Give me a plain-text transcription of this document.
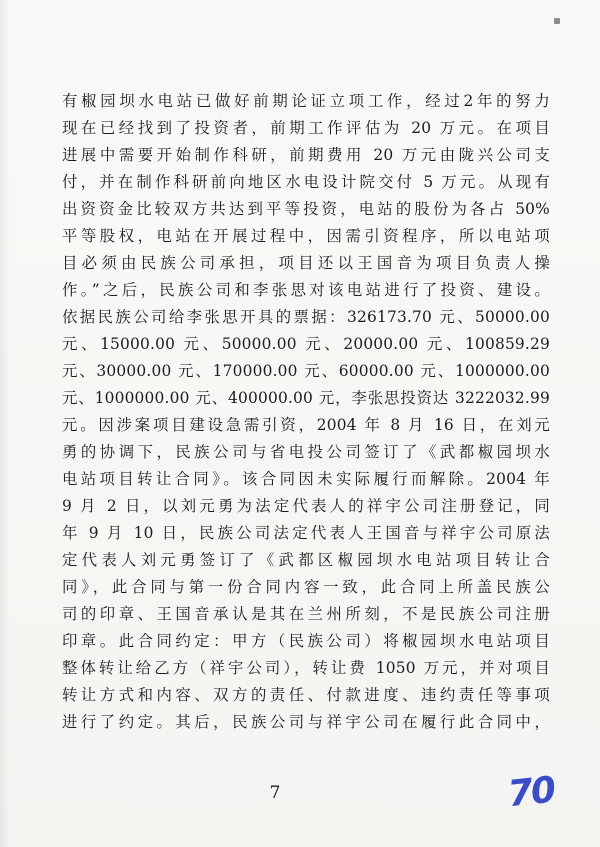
有椒园坝水电站已做好前期论证立项工作，经过2年的努力
现在已经找到了投资者，前期工作评估为 20 万元。在项目
进展中需要开始制作科研，前期费用 20 万元由陇兴公司支
付，并在制作科研前向地区水电设计院交付 5 万元。从现有
出资资金比较双方共达到平等投资，电站的股份为各占 50%
平等股权，电站在开展过程中，因需引资程序，所以电站项
目必须由民族公司承担，项目还以王国音为项目负责人操
作。”之后，民族公司和李张思对该电站进行了投资、建设。
依据民族公司给李张思开具的票据：326173.70 元、50000.00
元、15000.00 元、50000.00 元、20000.00 元、100859.29
元、30000.00 元、170000.00 元、60000.00 元、1000000.00
元、1000000.00 元、400000.00 元，李张思投资达 3222032.99
元。因涉案项目建设急需引资，2004 年 8 月 16 日，在刘元
勇的协调下，民族公司与省电投公司签订了《武都椒园坝水
电站项目转让合同》。该合同因未实际履行而解除。2004 年
9 月 2 日，以刘元勇为法定代表人的祥宇公司注册登记，同
年 9 月 10 日，民族公司法定代表人王国音与祥宇公司原法
定代表人刘元勇签订了《武都区椒园坝水电站项目转让合
同》，此合同与第一份合同内容一致，此合同上所盖民族公
司的印章、王国音承认是其在兰州所刻，不是民族公司注册
印章。此合同约定：甲方（民族公司）将椒园坝水电站项目
整体转让给乙方（祥宇公司），转让费 1050 万元，并对项目
转让方式和内容、双方的责任、付款进度、违约责任等事项
进行了约定。其后，民族公司与祥宇公司在履行此合同中，
7	70
